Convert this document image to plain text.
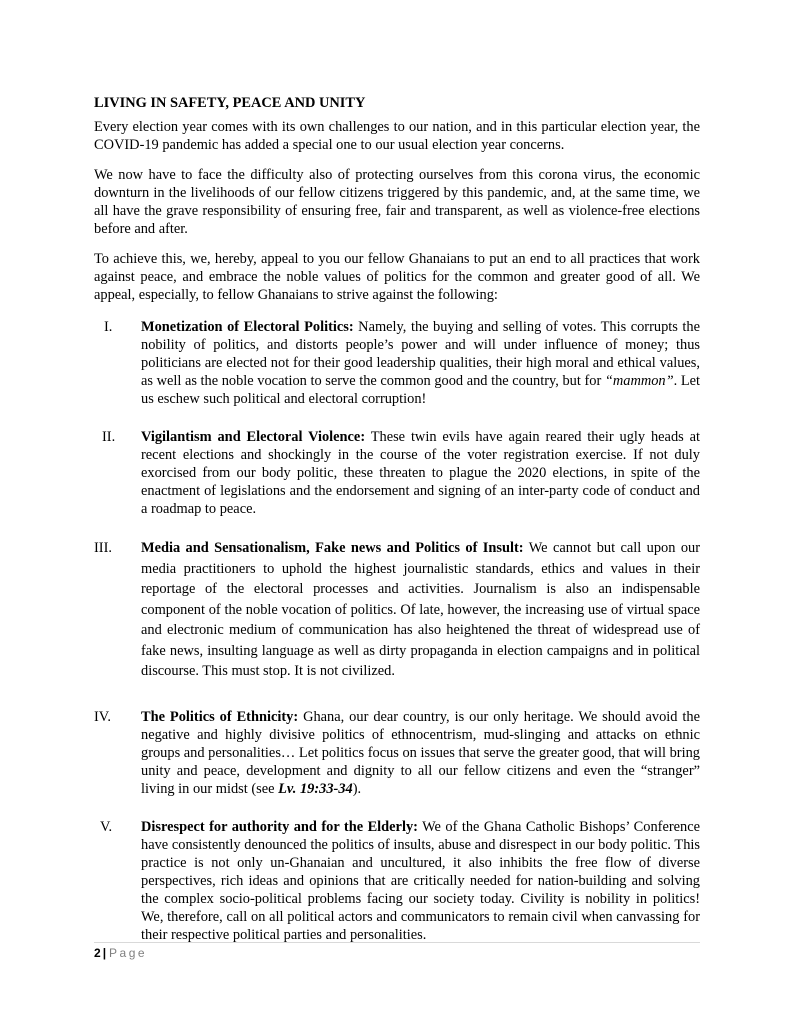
LIVING IN SAFETY, PEACE AND UNITY

Every election year comes with its own challenges to our nation, and in this particular election year, the COVID-19 pandemic has added a special one to our usual election year concerns.

We now have to face the difficulty also of protecting ourselves from this corona virus, the economic downturn in the livelihoods of our fellow citizens triggered by this pandemic, and, at the same time, we all have the grave responsibility of ensuring free, fair and transparent, as well as violence-free elections before and after.

To achieve this, we, hereby, appeal to you our fellow Ghanaians to put an end to all practices that work against peace, and embrace the noble values of politics for the common and greater good of all. We appeal, especially, to fellow Ghanaians to strive against the following:

I.	Monetization of Electoral Politics: Namely, the buying and selling of votes. This corrupts the nobility of politics, and distorts people’s power and will under influence of money; thus politicians are elected not for their good leadership qualities, their high moral and ethical values, as well as the noble vocation to serve the common good and the country, but for “mammon”. Let us eschew such political and electoral corruption!
II.	Vigilantism and Electoral Violence: These twin evils have again reared their ugly heads at recent elections and shockingly in the course of the voter registration exercise. If not duly exorcised from our body politic, these threaten to plague the 2020 elections, in spite of the enactment of legislations and the endorsement and signing of an inter-party code of conduct and a roadmap to peace.
III.	Media and Sensationalism, Fake news and Politics of Insult: We cannot but call upon our media practitioners to uphold the highest journalistic standards, ethics and values in their reportage of the electoral processes and activities. Journalism is also an indispensable component of the noble vocation of politics. Of late, however, the increasing use of virtual space and electronic medium of communication has also heightened the threat of widespread use of fake news, insulting language as well as dirty propaganda in election campaigns and in political discourse. This must stop. It is not civilized.
IV.	The Politics of Ethnicity: Ghana, our dear country, is our only heritage. We should avoid the negative and highly divisive politics of ethnocentrism, mud-slinging and attacks on ethnic groups and personalities… Let politics focus on issues that serve the greater good, that will bring unity and peace, development and dignity to all our fellow citizens and even the “stranger” living in our midst (see Lv. 19:33-34).
V.	Disrespect for authority and for the Elderly: We of the Ghana Catholic Bishops’ Conference have consistently denounced the politics of insults, abuse and disrespect in our body politic. This practice is not only un-Ghanaian and uncultured, it also inhibits the free flow of diverse perspectives, rich ideas and opinions that are critically needed for nation-building and solving the complex socio-political problems facing our society today. Civility is nobility in politics! We, therefore, call on all political actors and communicators to remain civil when canvassing for their respective political parties and personalities.
2 | Page
